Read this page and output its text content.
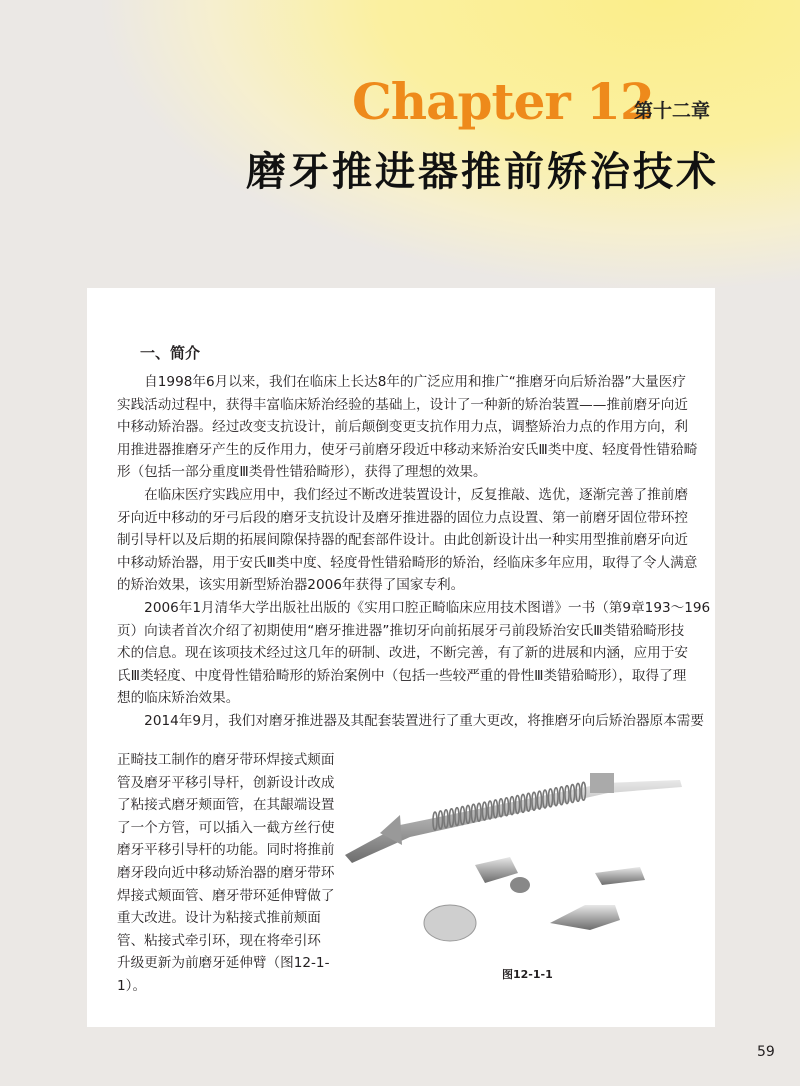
Chapter 12
第十二章
磨牙推进器推前矫治技术
一、简介
　　自1998年6月以来，我们在临床上长达8年的广泛应用和推广“推磨牙向后矫治器”大量医疗
实践活动过程中，获得丰富临床矫治经验的基础上，设计了一种新的矫治装置——推前磨牙向近
中移动矫治器。经过改变支抗设计，前后颠倒变更支抗作用力点，调整矫治力点的作用方向，利
用推进器推磨牙产生的反作用力，使牙弓前磨牙段近中移动来矫治安氏Ⅲ类中度、轻度骨性错𬌗畸
形（包括一部分重度Ⅲ类骨性错𬌗畸形），获得了理想的效果。
　　在临床医疗实践应用中，我们经过不断改进装置设计，反复推敲、选优，逐渐完善了推前磨
牙向近中移动的牙弓后段的磨牙支抗设计及磨牙推进器的固位力点设置、第一前磨牙固位带环控
制引导杆以及后期的拓展间隙保持器的配套部件设计。由此创新设计出一种实用型推前磨牙向近
中移动矫治器，用于安氏Ⅲ类中度、轻度骨性错𬌗畸形的矫治，经临床多年应用，取得了令人满意
的矫治效果，该实用新型矫治器2006年获得了国家专利。
　　2006年1月清华大学出版社出版的《实用口腔正畸临床应用技术图谱》一书（第9章193～196
页）向读者首次介绍了初期使用“磨牙推进器”推切牙向前拓展牙弓前段矫治安氏Ⅲ类错𬌗畸形技
术的信息。现在该项技术经过这几年的研制、改进，不断完善，有了新的进展和内涵，应用于安
氏Ⅲ类轻度、中度骨性错𬌗畸形的矫治案例中（包括一些较严重的骨性Ⅲ类错𬌗畸形），取得了理
想的临床矫治效果。
　　2014年9月，我们对磨牙推进器及其配套装置进行了重大更改，将推磨牙向后矫治器原本需要
正畸技工制作的磨牙带环焊接式颊面
管及磨牙平移引导杆，创新设计改成
了粘接式磨牙颊面管，在其龈端设置
了一个方管，可以插入一截方丝行使
磨牙平移引导杆的功能。同时将推前
磨牙段向近中移动矫治器的磨牙带环
焊接式颊面管、磨牙带环延伸臂做了
重大改进。设计为粘接式推前颊面
管、粘接式牵引环，现在将牵引环
升级更新为前磨牙延伸臂（图12-1-
1）。
图12-1-1
59
